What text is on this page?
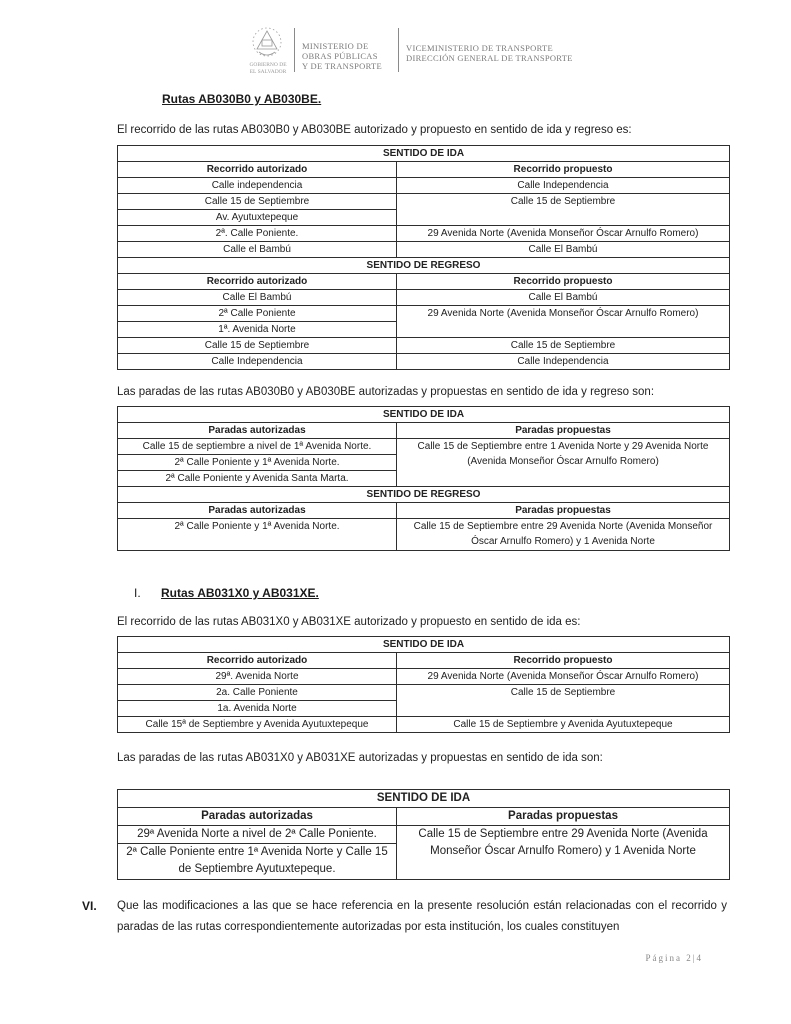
GOBIERNO DE
EL SALVADOR
MINISTERIO DE
OBRAS PÚBLICAS
Y DE TRANSPORTE
VICEMINISTERIO DE TRANSPORTE
DIRECCIÓN GENERAL DE TRANSPORTE
Rutas AB030B0 y AB030BE.
El recorrido de las rutas AB030B0 y AB030BE autorizado y propuesto en sentido de ida y regreso es:
SENTIDO DE IDA	
Recorrido autorizado	Recorrido propuesto
Calle independencia	Calle Independencia
Calle 15 de Septiembre	Calle 15 de Septiembre
Av. Ayutuxtepeque	
2ª. Calle Poniente.	29 Avenida Norte (Avenida Monseñor Óscar Arnulfo Romero)
Calle el Bambú	Calle El Bambú
SENTIDO DE REGRESO	
Recorrido autorizado	Recorrido propuesto
Calle El Bambú	Calle El Bambú
2ª Calle Poniente	29 Avenida Norte (Avenida Monseñor Óscar Arnulfo Romero)
1ª. Avenida Norte	
Calle 15 de Septiembre	Calle 15 de Septiembre
Calle Independencia	Calle Independencia
Las paradas de las rutas AB030B0 y AB030BE autorizadas y propuestas en sentido de ida y regreso son:
SENTIDO DE IDA	
Paradas autorizadas	Paradas propuestas
Calle 15 de septiembre a nivel de 1ª Avenida Norte.	Calle 15 de Septiembre entre 1 Avenida Norte y 29 Avenida Norte (Avenida Monseñor Óscar Arnulfo Romero)
2ª Calle Poniente y 1ª Avenida Norte.	
2ª Calle Poniente y Avenida Santa Marta.	
SENTIDO DE REGRESO	
Paradas autorizadas	Paradas propuestas
2ª Calle Poniente y 1ª Avenida Norte.	Calle 15 de Septiembre entre 29 Avenida Norte (Avenida Monseñor Óscar Arnulfo Romero) y 1 Avenida Norte
I. Rutas AB031X0 y AB031XE.
El recorrido de las rutas AB031X0 y AB031XE autorizado y propuesto en sentido de ida es:
SENTIDO DE IDA	
Recorrido autorizado	Recorrido propuesto
29ª. Avenida Norte	29 Avenida Norte (Avenida Monseñor Óscar Arnulfo Romero)
2a. Calle Poniente	Calle 15 de Septiembre
1a. Avenida Norte	
Calle 15ª de Septiembre y Avenida Ayutuxtepeque	Calle 15 de Septiembre y Avenida Ayutuxtepeque
Las paradas de las rutas AB031X0 y AB031XE autorizadas y propuestas en sentido de ida son:
SENTIDO DE IDA	
Paradas autorizadas	Paradas propuestas
29ª Avenida Norte a nivel de 2ª Calle Poniente.	Calle 15 de Septiembre entre 29 Avenida Norte (Avenida Monseñor Óscar Arnulfo Romero) y 1 Avenida Norte
2ª Calle Poniente entre 1ª Avenida Norte y Calle 15 de Septiembre Ayutuxtepeque.	
VI. Que las modificaciones a las que se hace referencia en la presente resolución están relacionadas con el recorrido y paradas de las rutas correspondientemente autorizadas por esta institución, los cuales constituyen
Página 2|4
